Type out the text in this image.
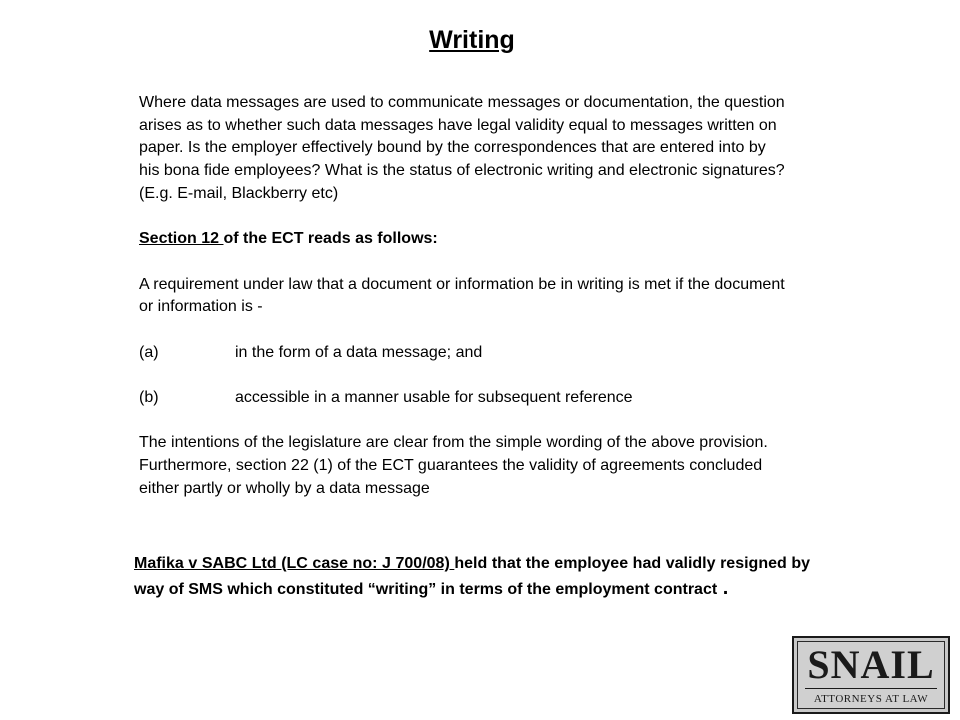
Writing

Where data messages are used to communicate messages or documentation, the question

arises as to whether such data messages have legal validity equal to messages written on

paper. Is the employer effectively bound by the correspondences that are entered into by

his bona fide employees? What is the status of electronic writing and electronic signatures?

(E.g. E-mail, Blackberry etc)

Section 12 of the ECT reads as follows:

A requirement under law that a document or information be in writing is met if the document

or information is -

(a)	in the form of a data message; and
(b)	accessible in a manner usable for subsequent reference

The intentions of the legislature are clear from the simple wording of the above provision.

Furthermore, section 22 (1) of the ECT guarantees the validity of agreements concluded

either partly or wholly by a data message

Mafika v SABC Ltd (LC case no: J 700/08) held that the employee had validly resigned by way of SMS which constituted “writing” in terms of the employment contract .
SNAIL
ATTORNEYS AT LAW
